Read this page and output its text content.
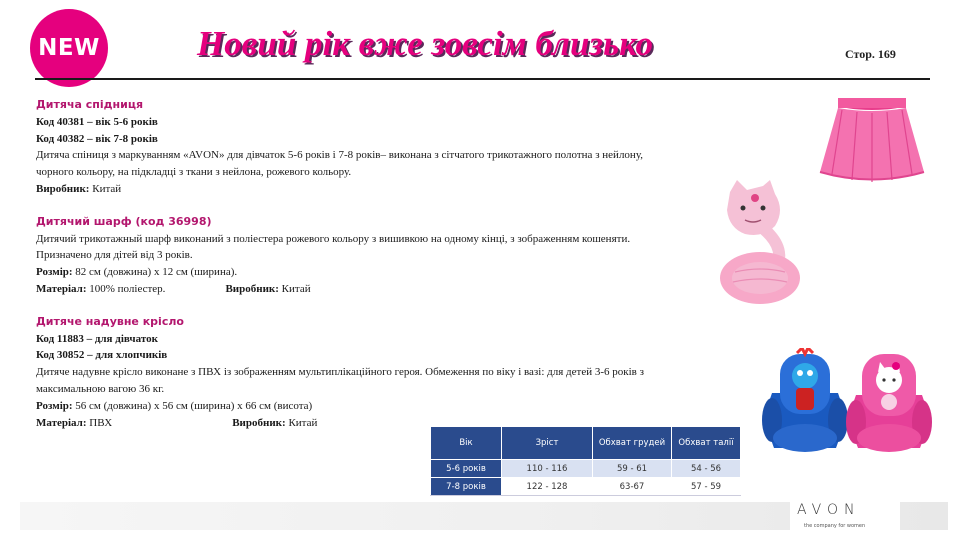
NEW	Новий рік вже зовсім близько	Стор. 169

Дитяча спідниця

Код 40381 – вік 5-6 років

Код 40382 – вік 7-8 років

Дитяча спіниця з маркуванням «AVON» для дівчаток 5-6 років і 7-8 років– виконана з сітчатого трикотажного полотна з нейлону, чорного кольору, на підкладці з ткани з нейлона, рожевого кольору.

Виробник: Китай

Дитячий шарф (код 36998)

Дитячий трикотажный шарф виконаний з поліестера рожевого кольору з вишивкою на одному кінці, з зображенням кошеняти. Призначено для дітей від 3 років.

Розмір: 82 см (довжина) х 12 см (ширина).

Матеріал: 100% поліестер.	Виробник: Китай

Дитяче надувне крісло

Код 11883 – для дівчаток

Код 30852 – для хлопчиків

Дитяче надувне крісло виконане з ПВХ із зображенням мультиплікаційного героя. Обмеження по віку і вазі: для детей 3-6 років з максимальною вагою 36 кг.

Розмір: 56 см (довжина) х 56 см (ширина) х 66 см (висота)

Матеріал: ПВХ	Виробник: Китай

Вік	Зріст	Обхват грудей	Обхват талії
5-6 років	110 - 116	59 - 61	54 - 56
7-8 років	122 - 128	63-67	57 - 59
AVON
the company for women
